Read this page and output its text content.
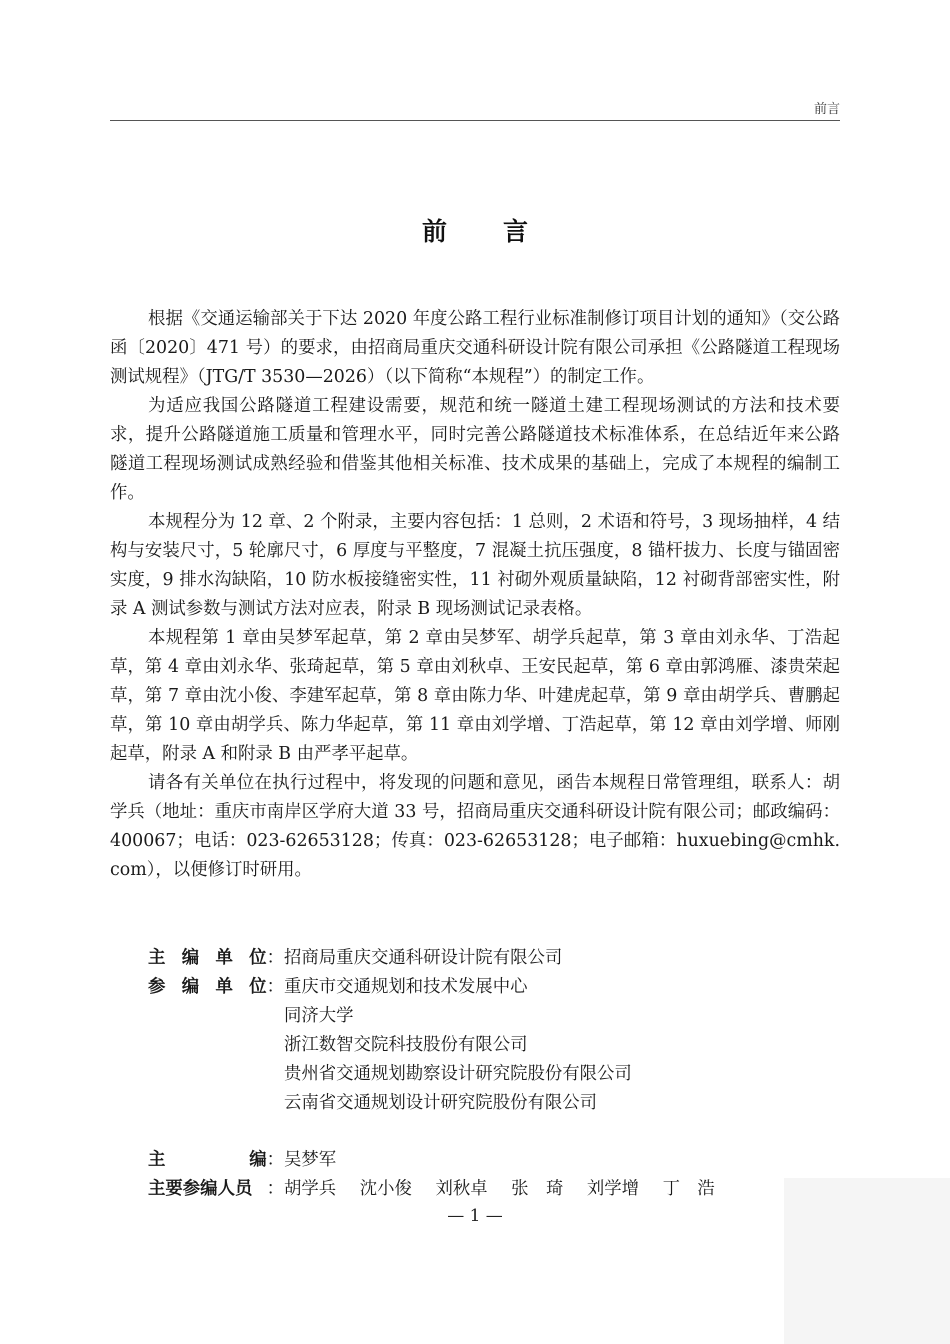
前言
前言

根据《交通运输部关于下达 2020 年度公路工程行业标准制修订项目计划的通知》（交公路函〔2020〕471 号）的要求，由招商局重庆交通科研设计院有限公司承担《公路隧道工程现场测试规程》（JTG/T 3530—2026）（以下简称“本规程”）的制定工作。

为适应我国公路隧道工程建设需要，规范和统一隧道土建工程现场测试的方法和技术要求，提升公路隧道施工质量和管理水平，同时完善公路隧道技术标准体系，在总结近年来公路隧道工程现场测试成熟经验和借鉴其他相关标准、技术成果的基础上，完成了本规程的编制工作。

本规程分为 12 章、2 个附录，主要内容包括：1 总则，2 术语和符号，3 现场抽样，4 结构与安装尺寸，5 轮廓尺寸，6 厚度与平整度，7 混凝土抗压强度，8 锚杆拔力、长度与锚固密实度，9 排水沟缺陷，10 防水板接缝密实性，11 衬砌外观质量缺陷，12 衬砌背部密实性，附录 A 测试参数与测试方法对应表，附录 B 现场测试记录表格。

本规程第 1 章由吴梦军起草，第 2 章由吴梦军、胡学兵起草，第 3 章由刘永华、丁浩起草，第 4 章由刘永华、张琦起草，第 5 章由刘秋卓、王安民起草，第 6 章由郭鸿雁、漆贵荣起草，第 7 章由沈小俊、李建军起草，第 8 章由陈力华、叶建虎起草，第 9 章由胡学兵、曹鹏起草，第 10 章由胡学兵、陈力华起草，第 11 章由刘学增、丁浩起草，第 12 章由刘学增、师刚起草，附录 A 和附录 B 由严孝平起草。

请各有关单位在执行过程中，将发现的问题和意见，函告本规程日常管理组，联系人：胡学兵（地址：重庆市南岸区学府大道 33 号，招商局重庆交通科研设计院有限公司；邮政编码：400067；电话：023-62653128；传真：023-62653128；电子邮箱：huxuebing@cmhk. com），以便修订时研用。

主 编 单 位： 招商局重庆交通科研设计院有限公司
参 编 单 位： 重庆市交通规划和技术发展中心
同济大学
浙江数智交院科技股份有限公司
贵州省交通规划勘察设计研究院股份有限公司
云南省交通规划设计研究院股份有限公司
主	编： 吴梦军
主要参编人员 ： 胡学兵 沈小俊 刘秋卓 张　琦 刘学增 丁　浩
— 1 —
